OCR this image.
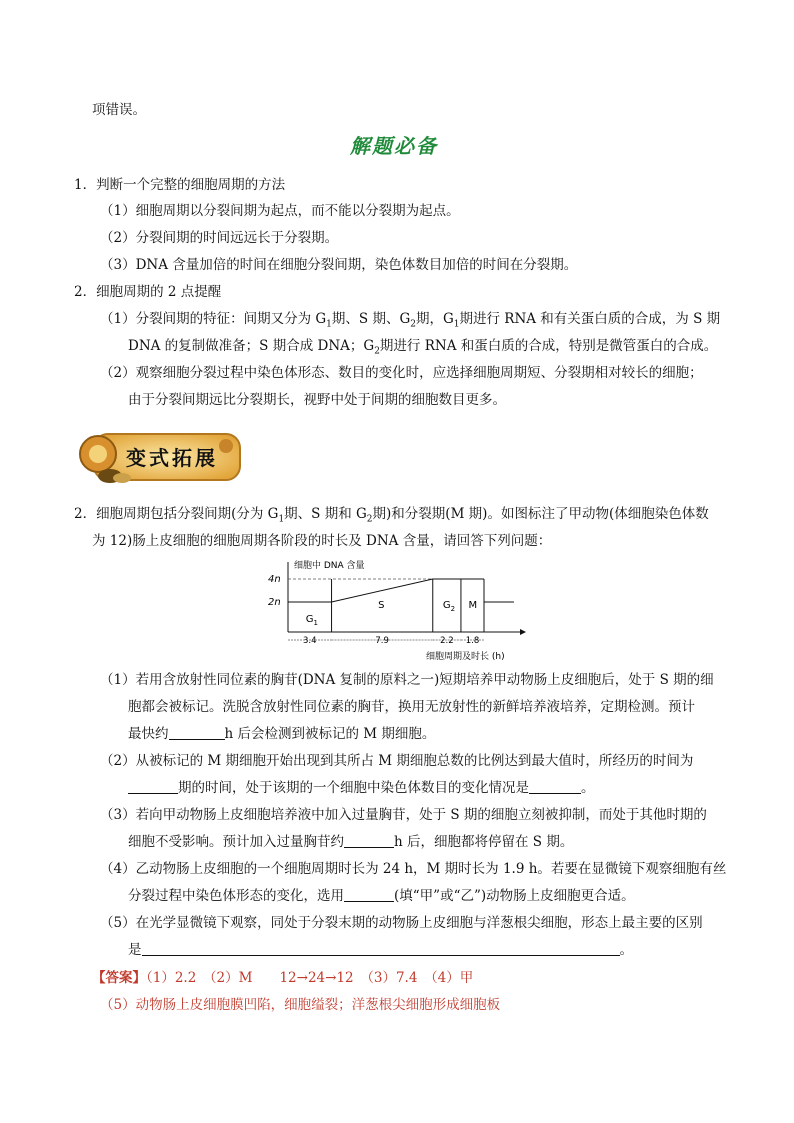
项错误。
解题必备
1．判断一个完整的细胞周期的方法
（1）细胞周期以分裂间期为起点，而不能以分裂期为起点。
（2）分裂间期的时间远远长于分裂期。
（3）DNA 含量加倍的时间在细胞分裂间期，染色体数目加倍的时间在分裂期。
2．细胞周期的 2 点提醒
（1）分裂间期的特征：间期又分为 $G_1$期、S 期、$G_2$期，$G_1$期进行 RNA 和有关蛋白质的合成，为 S 期
DNA 的复制做准备；S 期合成 DNA；$G_2$期进行 RNA 和蛋白质的合成，特别是微管蛋白的合成。
（2）观察细胞分裂过程中染色体形态、数目的变化时，应选择细胞周期短、分裂期相对较长的细胞；
由于分裂间期远比分裂期长，视野中处于间期的细胞数目更多。
变式拓展
2．细胞周期包括分裂间期(分为 $G_1$期、S 期和 $G_2$期)和分裂期(M 期)。如图标注了甲动物(体细胞染色体数
为 12)肠上皮细胞的细胞周期各阶段的时长及 DNA 含量，请回答下列问题：
细胞中 DNA 含量
4n
2n
细胞周期及时长 (h)
$G_1$
3.4
S
7.9
$G_2$
2.2
M
1.8
（1）若用含放射性同位素的胸苷(DNA 复制的原料之一)短期培养甲动物肠上皮细胞后，处于 S 期的细
胞都会被标记。洗脱含放射性同位素的胸苷，换用无放射性的新鲜培养液培养，定期检测。预计
最快约	h 后会检测到被标记的 M 期细胞。
（2）从被标记的 M 期细胞开始出现到其所占 M 期细胞总数的比例达到最大值时，所经历的时间为
期的时间，处于该期的一个细胞中染色体数目的变化情况是	。
（3）若向甲动物肠上皮细胞培养液中加入过量胸苷，处于 S 期的细胞立刻被抑制，而处于其他时期的
细胞不受影响。预计加入过量胸苷约	h 后，细胞都将停留在 S 期。
（4）乙动物肠上皮细胞的一个细胞周期时长为 24 h，M 期时长为 1.9 h。若要在显微镜下观察细胞有丝
分裂过程中染色体形态的变化，选用	(填“甲”或“乙”)动物肠上皮细胞更合适。
（5）在光学显微镜下观察，同处于分裂末期的动物肠上皮细胞与洋葱根尖细胞，形态上最主要的区别
是	。
【答案】（1）2.2　（2）M　　12→24→12　（3）7.4　（4）甲
（5）动物肠上皮细胞膜凹陷，细胞缢裂；洋葱根尖细胞形成细胞板
